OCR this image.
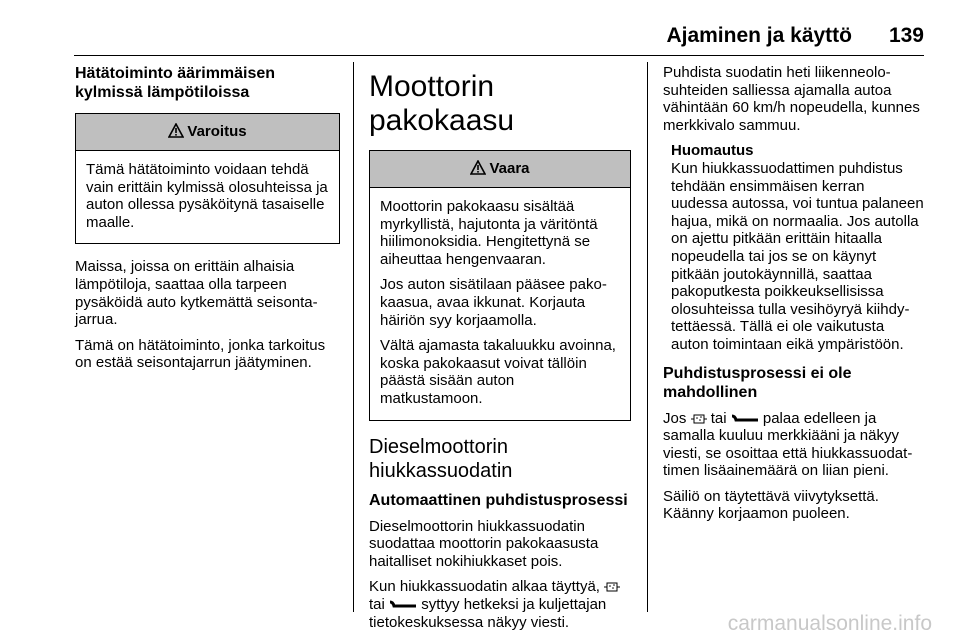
Ajaminen ja käyttö 139
Hätätoiminto äärimmäisen kylmissä lämpötiloissa
Varoitus

Tämä hätätoiminto voidaan tehdä vain erittäin kylmissä olosuhteissa ja auton ollessa pysäköitynä tasaiselle maalle.

Maissa, joissa on erittäin alhaisia lämpötiloja, saattaa olla tarpeen pysäköidä auto kytkemättä seisontajarrua.

Tämä on hätätoiminto, jonka tarkoitus on estää seisontajarrun jäätyminen.

Moottorin pakokaasu
Vaara

Moottorin pakokaasu sisältää myrkyllistä, hajutonta ja väritöntä hiilimonoksidia. Hengitettynä se aiheuttaa hengenvaaran.

Jos auton sisätilaan pääsee pakokaasua, avaa ikkunat. Korjauta häiriön syy korjaamolla.

Vältä ajamasta takaluukku avoinna, koska pakokaasut voivat tällöin päästä sisään auton matkustamoon.

Dieselmoottorin hiukkassuodatin
Automaattinen puhdistusprosessi

Dieselmoottorin hiukkassuodatin suodattaa moottorin pakokaasusta haitalliset nokihiukkaset pois.

Kun hiukkassuodatin alkaa täyttyä,  tai syttyy hetkeksi ja kuljettajan tietokeskuksessa näkyy viesti.

Puhdista suodatin heti liikenneolosuhteiden salliessa ajamalla autoa vähintään 60 km/h nopeudella, kunnes merkkivalo sammuu.

Huomautus
Kun hiukkassuodattimen puhdistus tehdään ensimmäisen kerran uudessa autossa, voi tuntua palaneen hajua, mikä on normaalia. Jos autolla on ajettu pitkään erittäin hitaalla nopeudella tai jos se on käynyt pitkään joutokäynnillä, saattaa pakoputkesta poikkeuksellisissa olosuhteissa tulla vesihöyryä kiihdytettäessä. Tällä ei ole vaikutusta auton toimintaan eikä ympäristöön.
Puhdistusprosessi ei ole mahdollinen

Jos tai palaa edelleen ja samalla kuuluu merkkiääni ja näkyy viesti, se osoittaa että hiukkassuodattimen lisäainemäärä on liian pieni.

Säiliö on täytettävä viivytyksettä. Käänny korjaamon puoleen.

carmanualsonline.info
